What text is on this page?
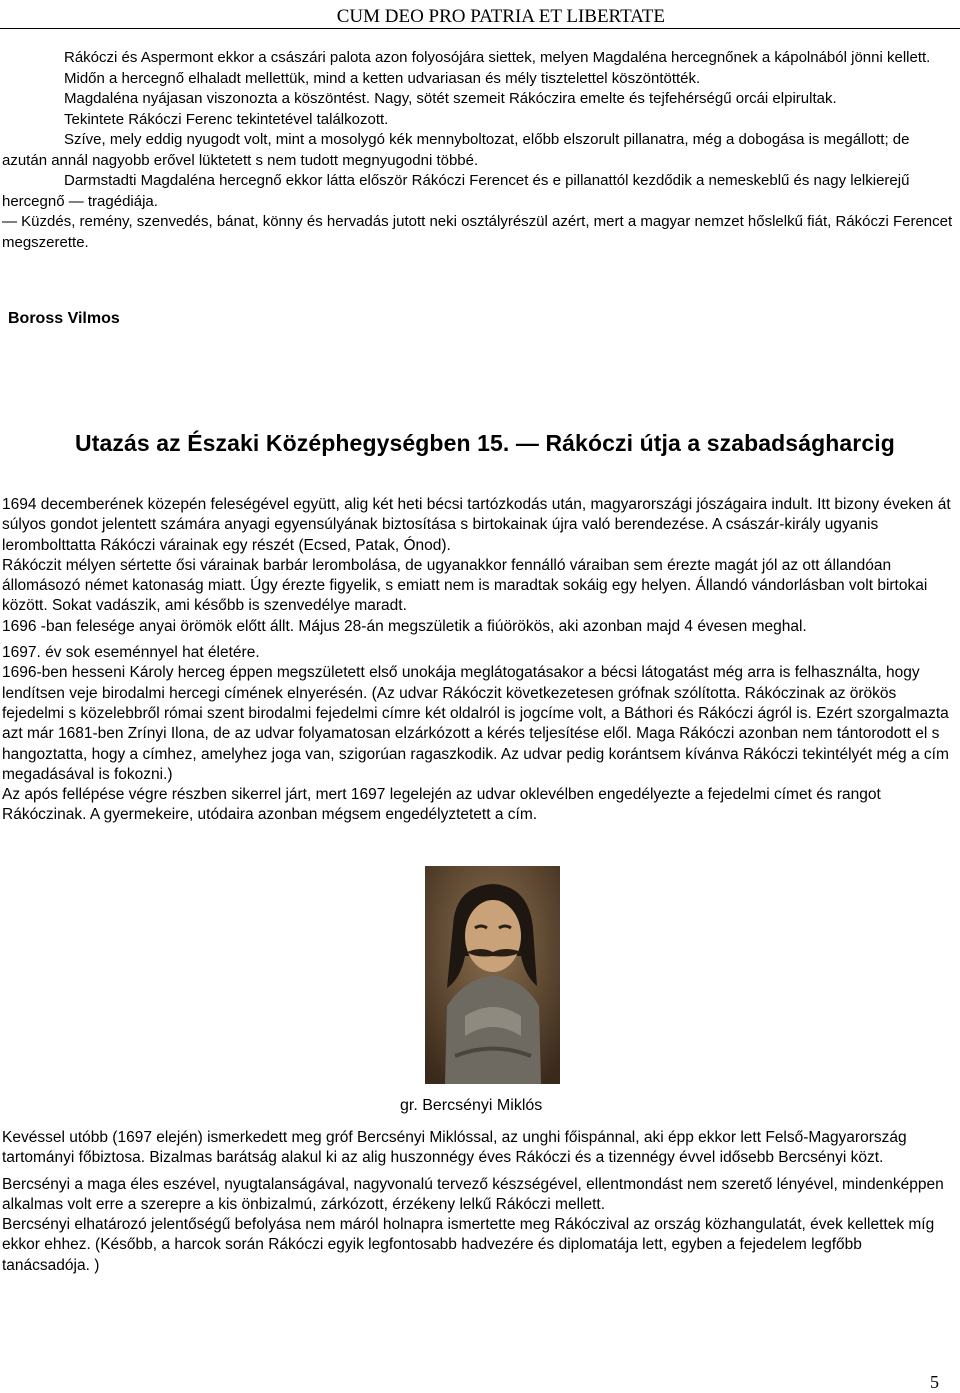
CUM DEO PRO PATRIA ET LIBERTATE

Rákóczi és Aspermont ekkor a császári palota azon folyosójára siettek, melyen Magdaléna hercegnőnek a kápolnából jönni kellett.

Midőn a hercegnő elhaladt mellettük, mind a ketten udvariasan és mély tisztelettel köszöntötték.

Magdaléna nyájasan viszonozta a köszöntést. Nagy, sötét szemeit Rákóczira emelte és tejfehérségű orcái elpirultak.

Tekintete Rákóczi Ferenc tekintetével találkozott.

Szíve, mely eddig nyugodt volt, mint a mosolygó kék mennyboltozat, előbb elszorult pillanatra, még a dobogása is megállott; de azután annál nagyobb erővel lüktetett s nem tudott megnyugodni többé.

Darmstadti Magdaléna hercegnő ekkor látta először Rákóczi Ferencet és e pillanattól kezdődik a nemeskeblű és nagy lelkierejű hercegnő ― tragédiája.

― Küzdés, remény, szenvedés, bánat, könny és hervadás jutott neki osztályrészül azért, mert a magyar nemzet hőslelkű fiát, Rákóczi Ferencet megszerette.

Boross Vilmos
Utazás az Északi Középhegységben 15. ― Rákóczi útja a szabadságharcig

1694 decemberének közepén feleségével együtt, alig két heti bécsi tartózkodás után, magyarországi jószágaira indult. Itt bizony éveken át súlyos gondot jelentett számára anyagi egyensúlyának biztosítása s birtokainak újra való berendezése. A császár-király ugyanis lerombolttatta Rákóczi várainak egy részét (Ecsed, Patak, Ónod).

Rákóczit mélyen sértette ősi várainak barbár lerombolása, de ugyanakkor fennálló váraiban sem érezte magát jól az ott állandóan állomásozó német katonaság miatt. Úgy érezte figyelik, s emiatt nem is maradtak sokáig egy helyen. Állandó vándorlásban volt birtokai között. Sokat vadászik, ami később is szenvedélye maradt.

1696 -ban felesége anyai örömök előtt állt. Május 28-án megszületik a fiúörökös, aki azonban majd 4 évesen meghal.

1697. év sok eseménnyel hat életére.

1696-ben hesseni Károly herceg éppen megszületett első unokája meglátogatásakor a bécsi látogatást még arra is felhasználta, hogy lendítsen veje birodalmi hercegi címének elnyerésén. (Az udvar Rákóczit következetesen grófnak szólította. Rákóczinak az örökös fejedelmi s közelebbről római szent birodalmi fejedelmi címre két oldalról is jogcíme volt, a Báthori és Rákóczi ágról is. Ezért szorgalmazta azt már 1681-ben Zrínyi Ilona, de az udvar folyamatosan elzárkózott a kérés teljesítése elől. Maga Rákóczi azonban nem tántorodott el s hangoztatta, hogy a címhez, amelyhez joga van, szigorúan ragaszkodik. Az udvar pedig korántsem kívánva Rákóczi tekintélyét még a cím megadásával is fokozni.)

Az após fellépése végre részben sikerrel járt, mert 1697 legelején az udvar oklevélben engedélyezte a fejedelmi címet és rangot Rákóczinak. A gyermekeire, utódaira azonban mégsem engedélyztetett a cím.

gr. Bercsényi Miklós

Kevéssel utóbb (1697 elején) ismerkedett meg gróf Bercsényi Miklóssal, az unghi főispánnal, aki épp ekkor lett Felső-Magyarország tartományi főbiztosa. Bizalmas barátság alakul ki az alig huszonnégy éves Rákóczi és a tizennégy évvel idősebb Bercsényi közt.

Bercsényi a maga éles eszével, nyugtalanságával, nagyvonalú tervező készségével, ellentmondást nem szerető lényével, mindenképpen alkalmas volt erre a szerepre a kis önbizalmú, zárkózott, érzékeny lelkű Rákóczi mellett.

Bercsényi elhatározó jelentőségű befolyása nem máról holnapra ismertette meg Rákóczival az ország közhangulatát, évek kellettek míg ekkor ehhez. (Később, a harcok során Rákóczi egyik legfontosabb hadvezére és diplomatája lett, egyben a fejedelem legfőbb tanácsadója. )

5
